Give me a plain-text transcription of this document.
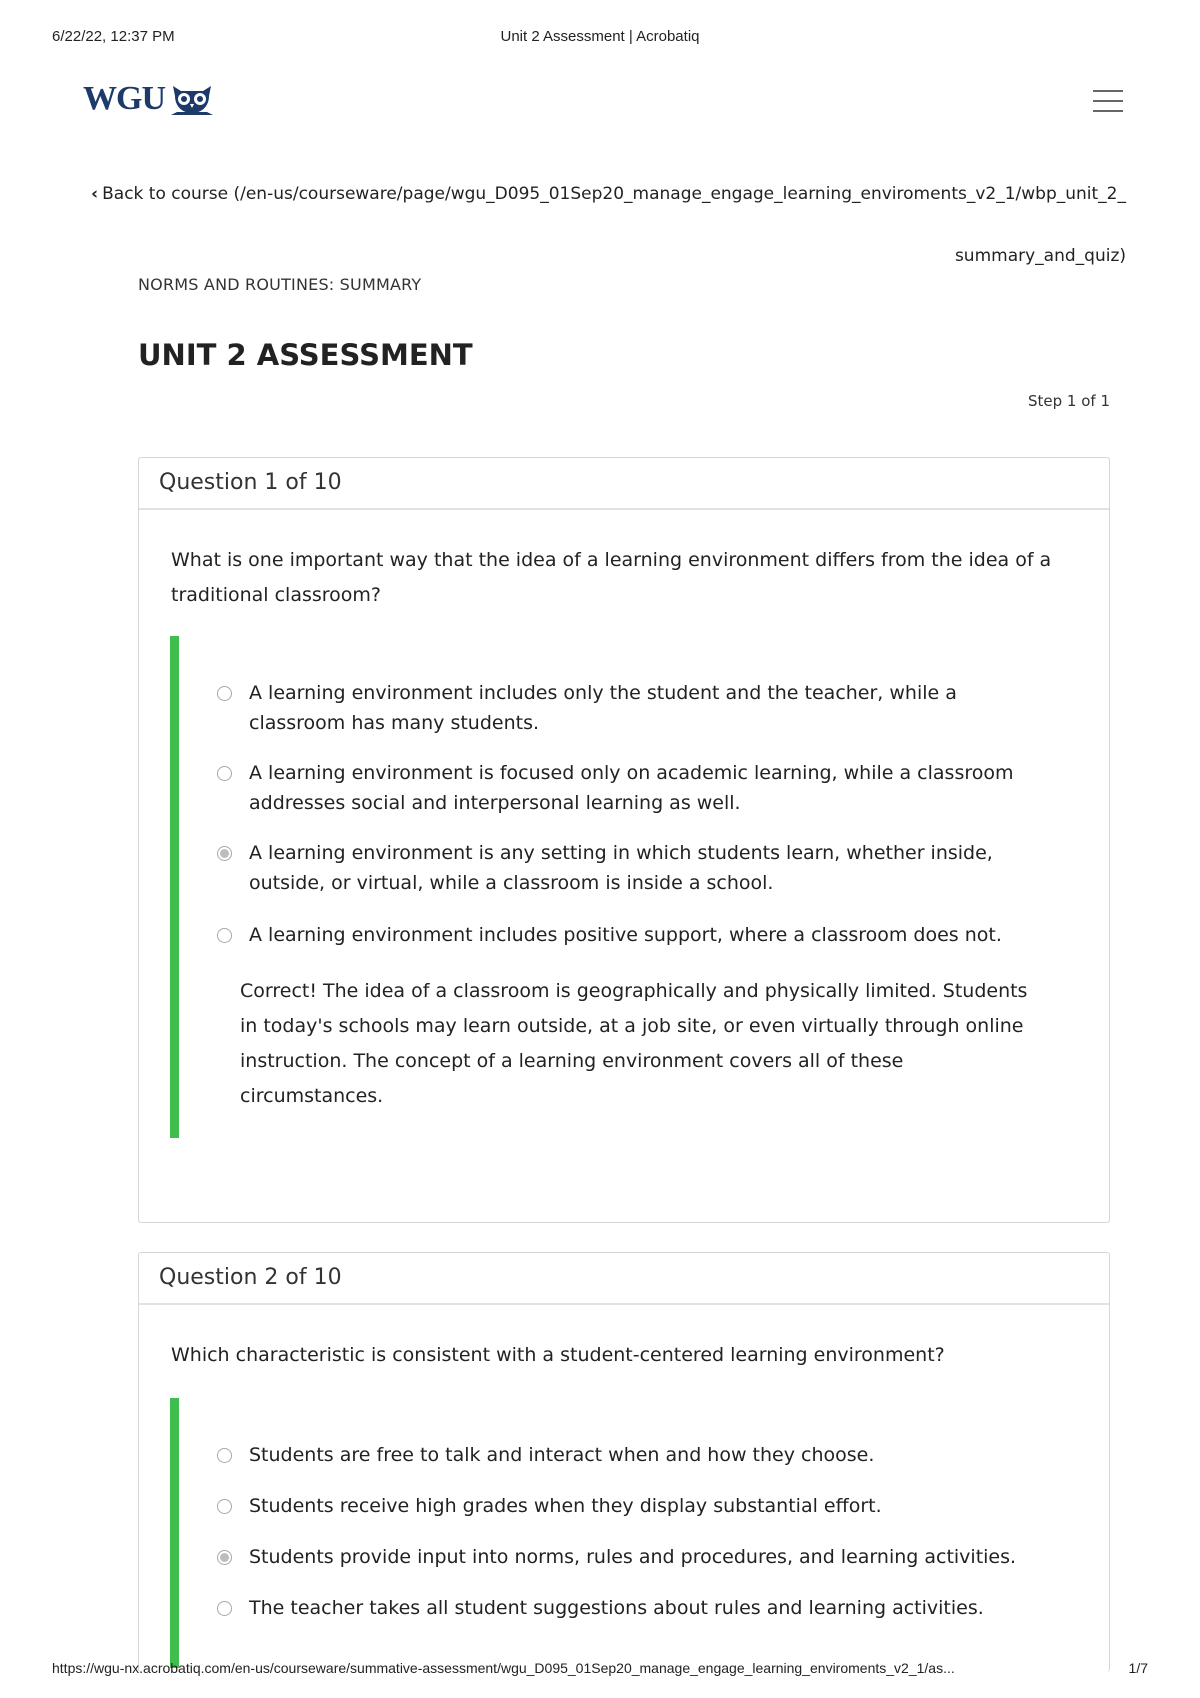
6/22/22, 12:37 PM	Unit 2 Assessment | Acrobatiq
WGU
‹ Back to course (/en-us/courseware/page/wgu_D095_01Sep20_manage_engage_learning_enviroments_v2_1/wbp_unit_2_summary_and_quiz)
NORMS AND ROUTINES: SUMMARY
UNIT 2 ASSESSMENT
Step 1 of 1
Question 1 of 10
What is one important way that the idea of a learning environment differs from the idea of a traditional classroom?
A learning environment includes only the student and the teacher, while a classroom has many students.
A learning environment is focused only on academic learning, while a classroom addresses social and interpersonal learning as well.
A learning environment is any setting in which students learn, whether inside, outside, or virtual, while a classroom is inside a school.
A learning environment includes positive support, where a classroom does not.
Correct! The idea of a classroom is geographically and physically limited. Students in today's schools may learn outside, at a job site, or even virtually through online instruction. The concept of a learning environment covers all of these circumstances.
Question 2 of 10
Which characteristic is consistent with a student-centered learning environment?
Students are free to talk and interact when and how they choose.
Students receive high grades when they display substantial effort.
Students provide input into norms, rules and procedures, and learning activities.
The teacher takes all student suggestions about rules and learning activities.
https://wgu-nx.acrobatiq.com/en-us/courseware/summative-assessment/wgu_D095_01Sep20_manage_engage_learning_enviroments_v2_1/as...	1/7
